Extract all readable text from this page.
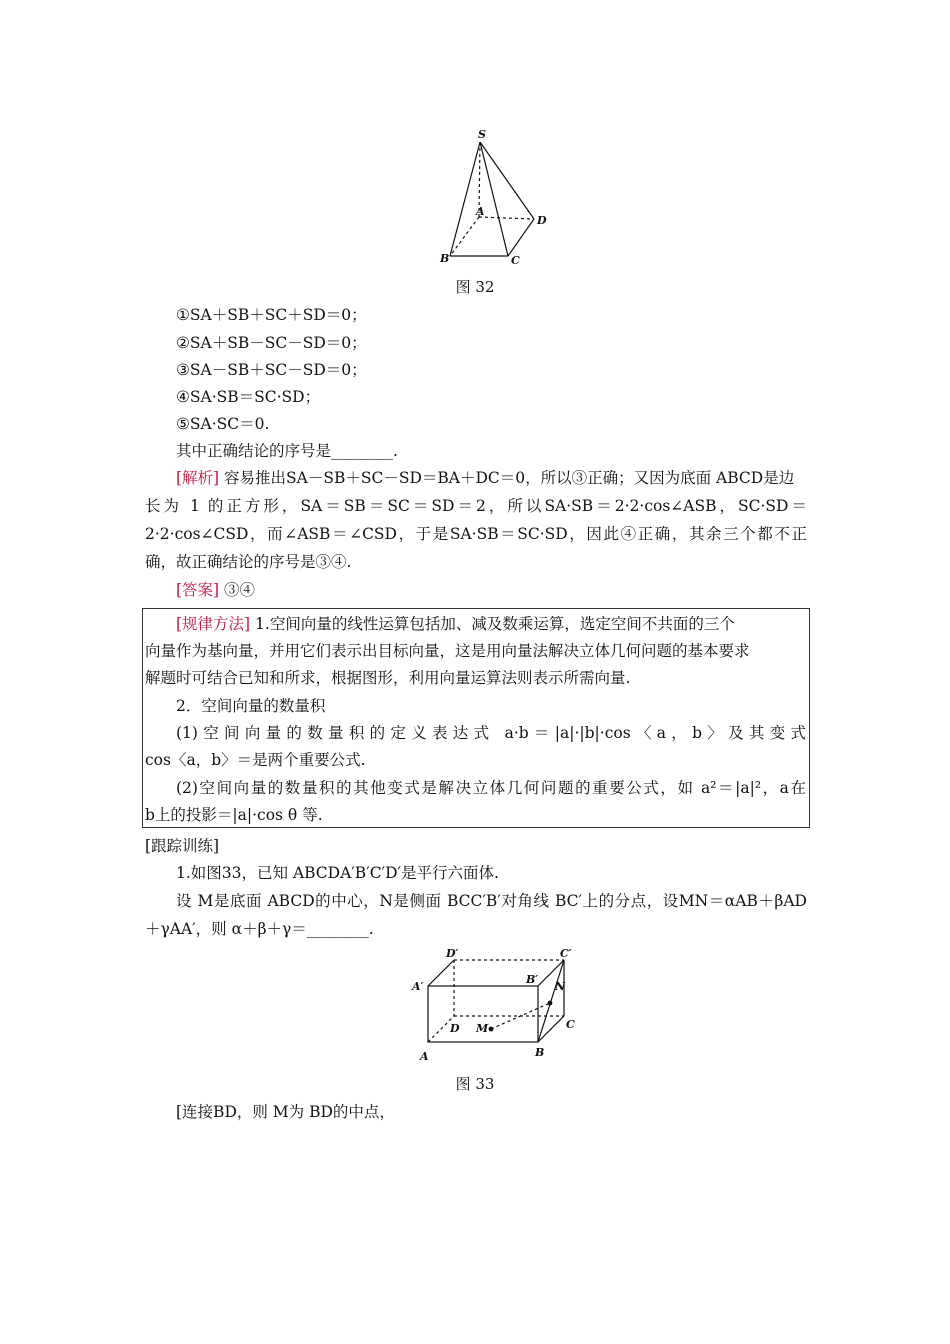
S
A
D
B	C
图 32
①SA＋SB＋SC＋SD＝0；
②SA＋SB－SC－SD＝0；
③SA－SB＋SC－SD＝0；
④SA·SB＝SC·SD；
⑤SA·SC＝0.
其中正确结论的序号是________.
[解析] 容易推出SA－SB＋SC－SD＝BA＋DC＝0，所以③正确；又因为底面 ABCD是边
长为 1 的正方形，SA＝SB＝SC＝SD＝2，所以SA·SB＝2·2·cos∠ASB，SC·SD＝
2·2·cos∠CSD，而∠ASB＝∠CSD，于是SA·SB＝SC·SD，因此④正确，其余三个都不正
确，故正确结论的序号是③④.
[答案] ③④
[规律方法] 1.空间向量的线性运算包括加、减及数乘运算，选定空间不共面的三个
向量作为基向量，并用它们表示出目标向量，这是用向量法解决立体几何问题的基本要求
解题时可结合已知和所求，根据图形，利用向量运算法则表示所需向量.
2．空间向量的数量积
(1)空间向量的数量积的定义表达式 a·b＝|a|·|b|·cos〈a，b〉及其变式
cos〈a，b〉＝是两个重要公式.
(2)空间向量的数量积的其他变式是解决立体几何问题的重要公式，如 a²＝|a|²，a在
b上的投影＝|a|·cos θ 等.
[跟踪训练]
1.如图33，已知 ABCDA′B′C′D′是平行六面体.
设 M是底面 ABCD的中心，N是侧面 BCC′B′对角线 BC′上的分点，设MN＝αAB＋βAD
＋γAA′，则 α＋β＋γ＝________.
D′	C′
A′
B′
N
D M	C
A	B
图 33
[连接BD，则 M为 BD的中点，
